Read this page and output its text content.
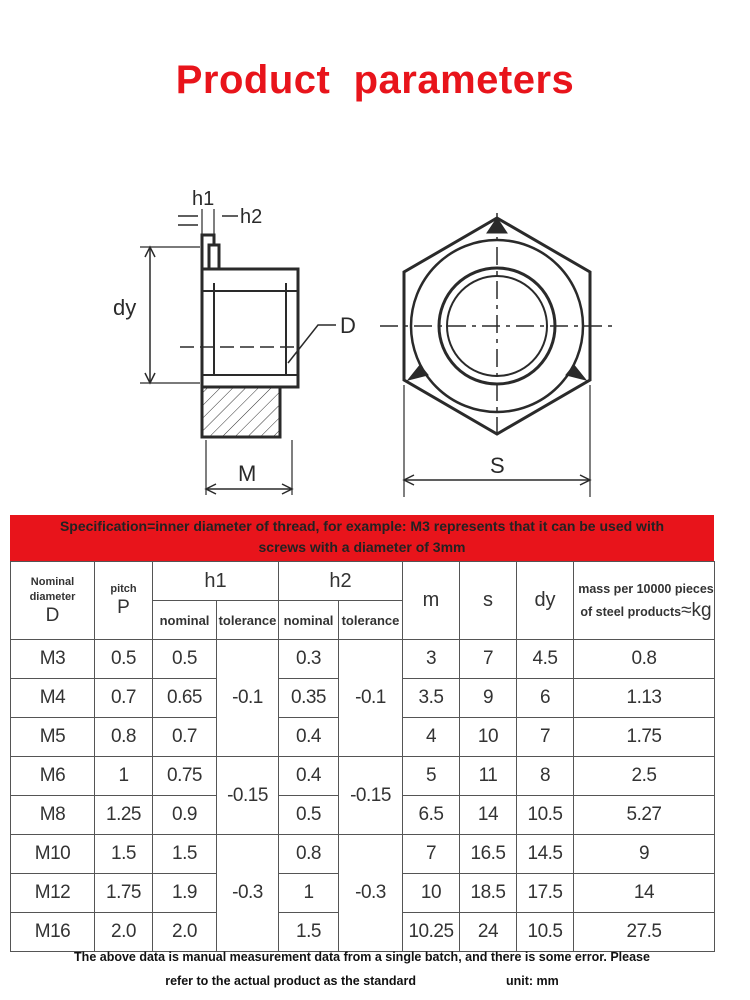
Product  parameters
h1
h2
dy
D
M	S
Specification=inner diameter of thread, for example: M3 represents that it can be used with
screws with a diameter of 3mm
Nominal diameter
D	pitch
P	h1		h2		m	s	dy	mass per 10000 pieces of steel products≈kg
		nominal	tolerance	nominal	tolerance				
M3	0.5	0.5	-0.1	0.3	-0.1	3	7	4.5	0.8
M4	0.7	0.65		0.35		3.5	9	6	1.13
M5	0.8	0.7		0.4		4	10	7	1.75
M6	1	0.75	-0.15	0.4	-0.15	5	11	8	2.5
M8	1.25	0.9		0.5		6.5	14	10.5	5.27
M10	1.5	1.5	-0.3	0.8	-0.3	7	16.5	14.5	9
M12	1.75	1.9		1		10	18.5	17.5	14
M16	2.0	2.0		1.5		10.25	24	10.5	27.5
The above data is manual measurement data from a single batch, and there is some error. Please
refer to the actual product as the standard	unit: mm
